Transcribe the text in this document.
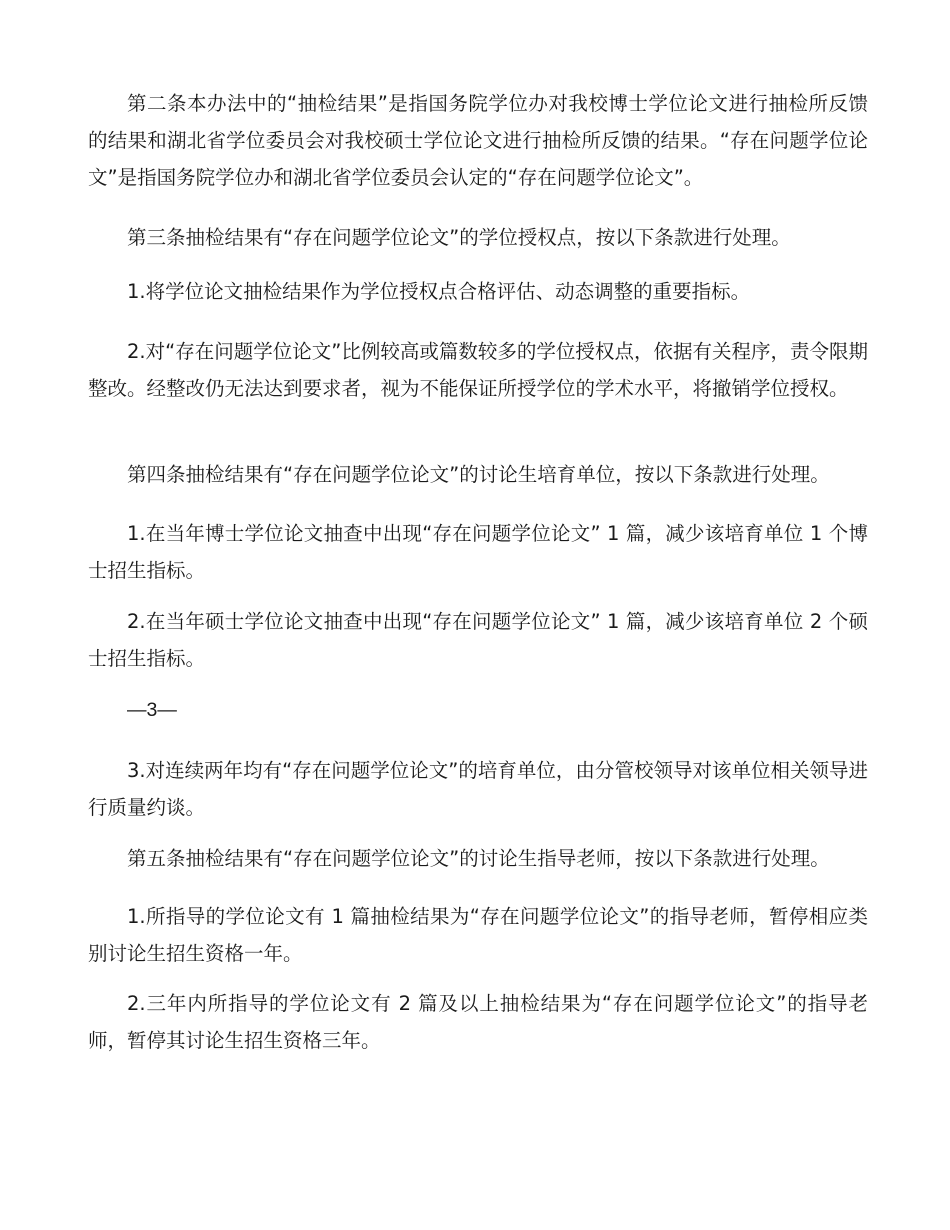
第二条本办法中的“抽检结果”是指国务院学位办对我校博士学位论文进行抽检所反馈的结果和湖北省学位委员会对我校硕士学位论文进行抽检所反馈的结果。“存在问题学位论文”是指国务院学位办和湖北省学位委员会认定的“存在问题学位论文”。

第三条抽检结果有“存在问题学位论文”的学位授权点，按以下条款进行处理。

1.将学位论文抽检结果作为学位授权点合格评估、动态调整的重要指标。

2.对“存在问题学位论文”比例较高或篇数较多的学位授权点，依据有关程序，责令限期整改。经整改仍无法达到要求者，视为不能保证所授学位的学术水平，将撤销学位授权。

第四条抽检结果有“存在问题学位论文”的讨论生培育单位，按以下条款进行处理。

1.在当年博士学位论文抽查中出现“存在问题学位论文” 1 篇，减少该培育单位 1 个博士招生指标。

2.在当年硕士学位论文抽查中出现“存在问题学位论文” 1 篇，减少该培育单位 2 个硕士招生指标。

—3—

3.对连续两年均有“存在问题学位论文”的培育单位，由分管校领导对该单位相关领导进行质量约谈。

第五条抽检结果有“存在问题学位论文”的讨论生指导老师，按以下条款进行处理。

1.所指导的学位论文有 1 篇抽检结果为“存在问题学位论文”的指导老师，暂停相应类别讨论生招生资格一年。

2.三年内所指导的学位论文有 2 篇及以上抽检结果为“存在问题学位论文”的指导老师，暂停其讨论生招生资格三年。
